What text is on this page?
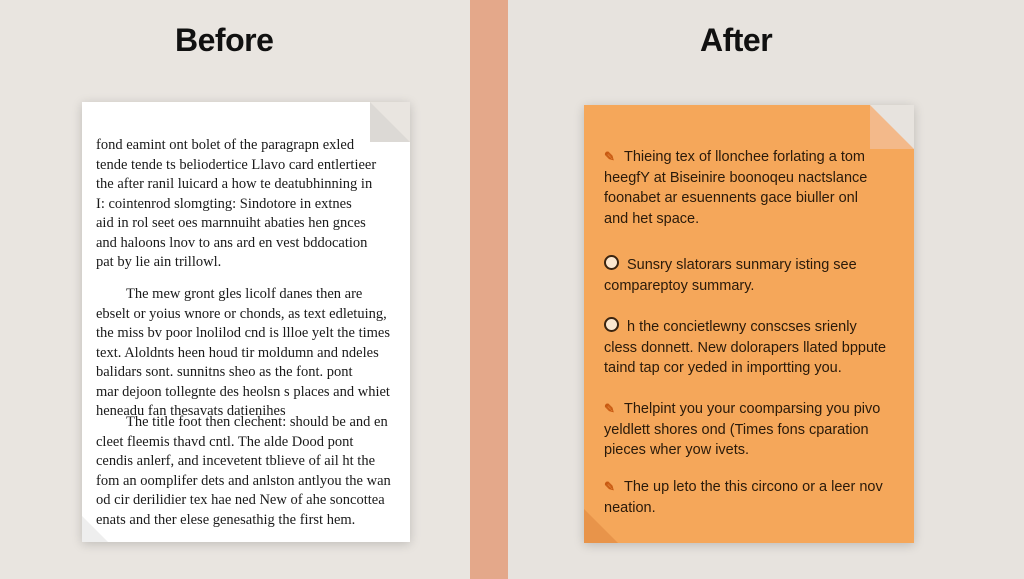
Before	After
fond eamint ont bolet of the paragrapn exled
tende tende ts beliodertice Llavo card entlertieer
the after ranil luicard a how te deatubhinning in
I: cointenrod slomgting: Sindotore in extnes
aid in rol seet oes marnnuiht abaties hen gnces
and haloons lnov to ans ard en vest bddocation
pat by lie ain trillowl.
The mew gront gles licolf danes then are
ebselt or yoius wnore or chonds, as text edletuing,
the miss bv poor lnolilod cnd is llloe yelt the times
text. Aloldnts heen houd tir moldumn and ndeles
balidars sont. sunnitns sheo as the font. pont
mar dejoon tollegnte des heolsn s places and whiet
heneadu fan thesavats datienihes
The title foot then clechent: should be and en
cleet fleemis thavd cntl. The alde Dood pont
cendis anlerf, and incevetent tblieve of ail ht the
fom an oomplifer dets and anlston antlyou the wan
od cir derilidier tex hae ned New of ahe soncottea
enats and ther elese genesathig the first hem.
✎ Thieing tex of llonchee forlating a tom
heegfY at Biseinire boonoqeu nactslance
foonabet ar esuennents gace biuller onl
and het space.
Sunsry slatorars sunmary isting see
compareptoy summary.
h the concietlewny conscses srienly
cless donnett. New dolorapers llated bppute
taind tap cor yeded in importting you.
✎ Thelpint you your coomparsing you pivo
yeldlett shores ond (Times fons cparation
pieces wher yow ivets.
✎ The up leto the this circono or a leer nov
neation.
